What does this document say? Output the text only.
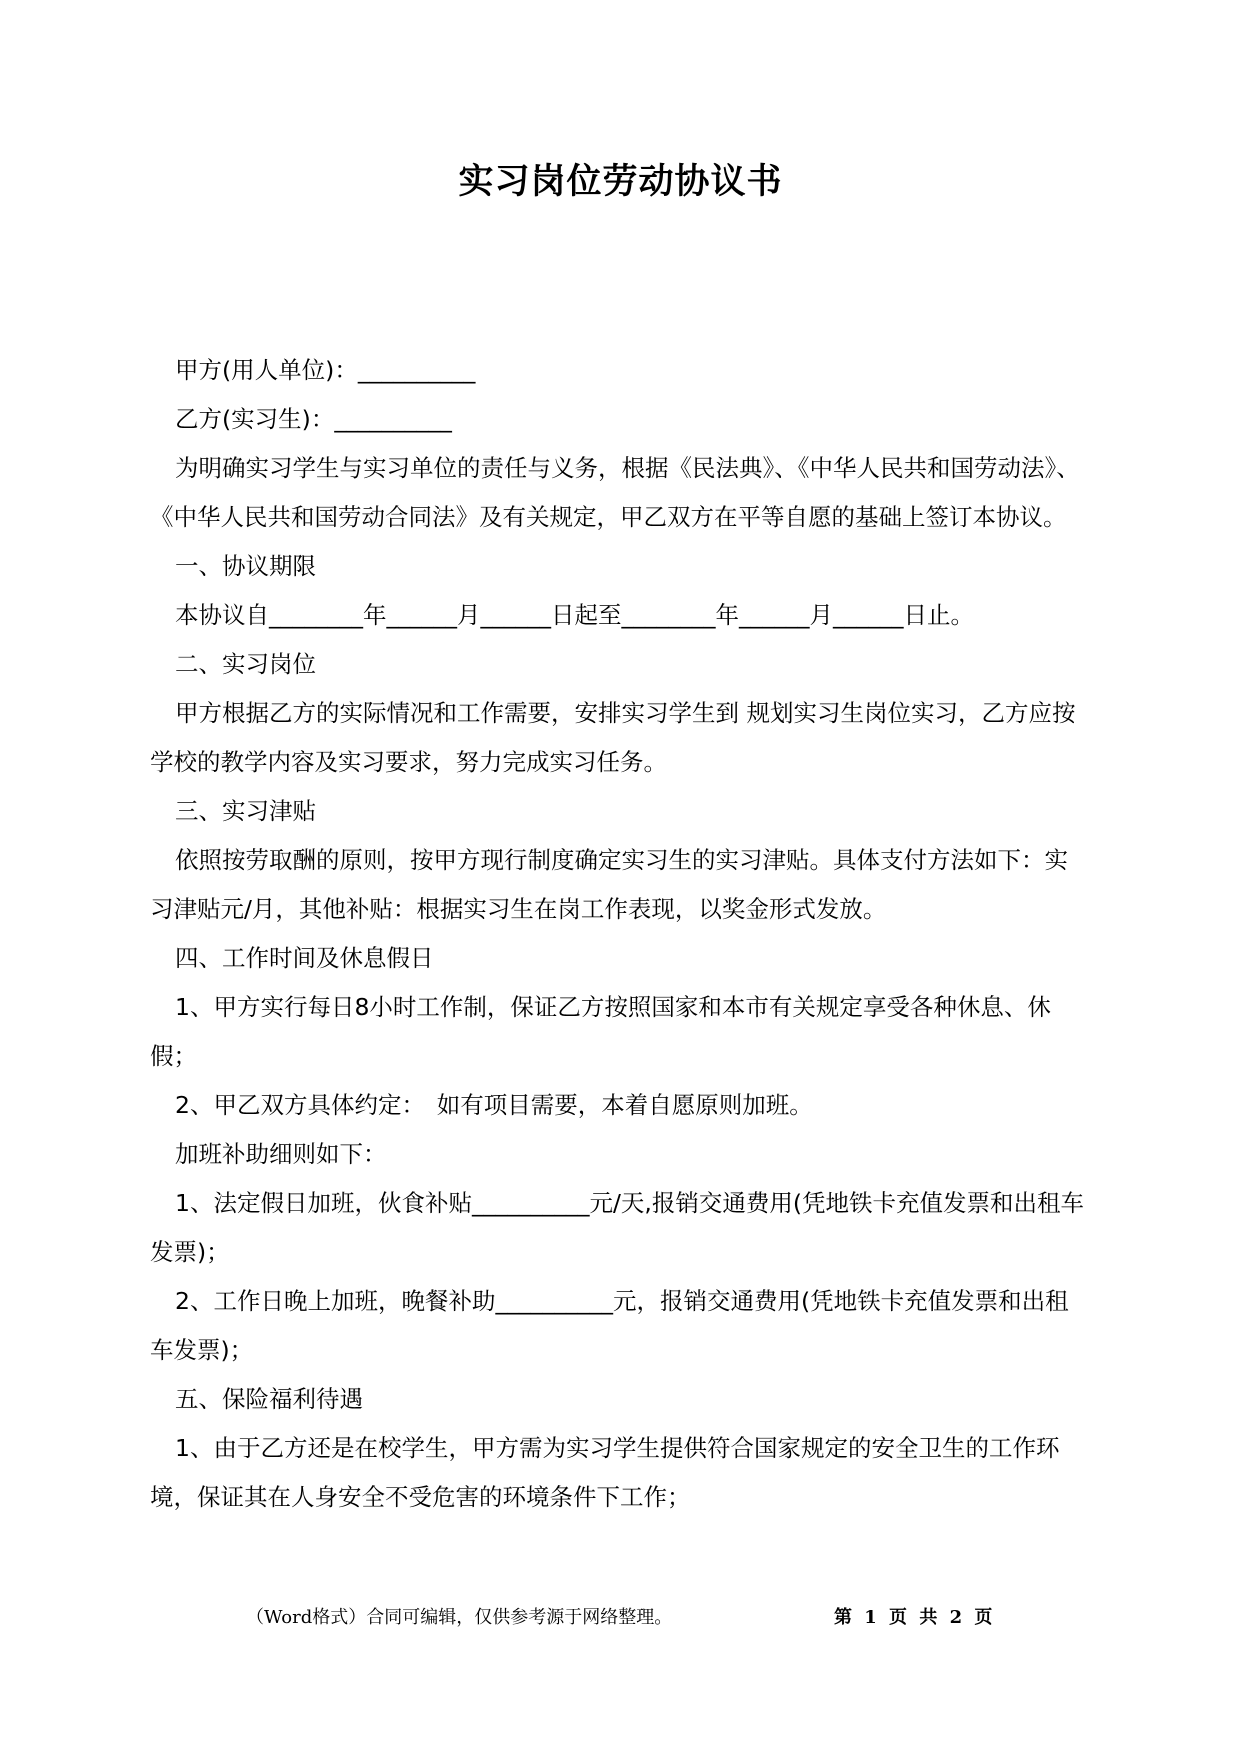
实习岗位劳动协议书

甲方(用人单位)：__________

乙方(实习生)：__________

为明确实习学生与实习单位的责任与义务，根据《民法典》、《中华人民共和国劳动法》、《中华人民共和国劳动合同法》及有关规定，甲乙双方在平等自愿的基础上签订本协议。

一、协议期限

本协议自________年______月______日起至________年______月______日止。

二、实习岗位

甲方根据乙方的实际情况和工作需要，安排实习学生到 规划实习生岗位实习，乙方应按学校的教学内容及实习要求，努力完成实习任务。

三、实习津贴

依照按劳取酬的原则，按甲方现行制度确定实习生的实习津贴。具体支付方法如下：实习津贴元/月，其他补贴：根据实习生在岗工作表现，以奖金形式发放。

四、工作时间及休息假日

1、甲方实行每日8小时工作制，保证乙方按照国家和本市有关规定享受各种休息、休假；

2、甲乙双方具体约定：　如有项目需要，本着自愿原则加班。

加班补助细则如下：

1、法定假日加班，伙食补贴__________元/天,报销交通费用(凭地铁卡充值发票和出租车发票)；

2、工作日晚上加班，晚餐补助__________元，报销交通费用(凭地铁卡充值发票和出租车发票)；

五、保险福利待遇

1、由于乙方还是在校学生，甲方需为实习学生提供符合国家规定的安全卫生的工作环境，保证其在人身安全不受危害的环境条件下工作；

（Word格式）合同可编辑，仅供参考源于网络整理。	第 1 页 共 2 页
